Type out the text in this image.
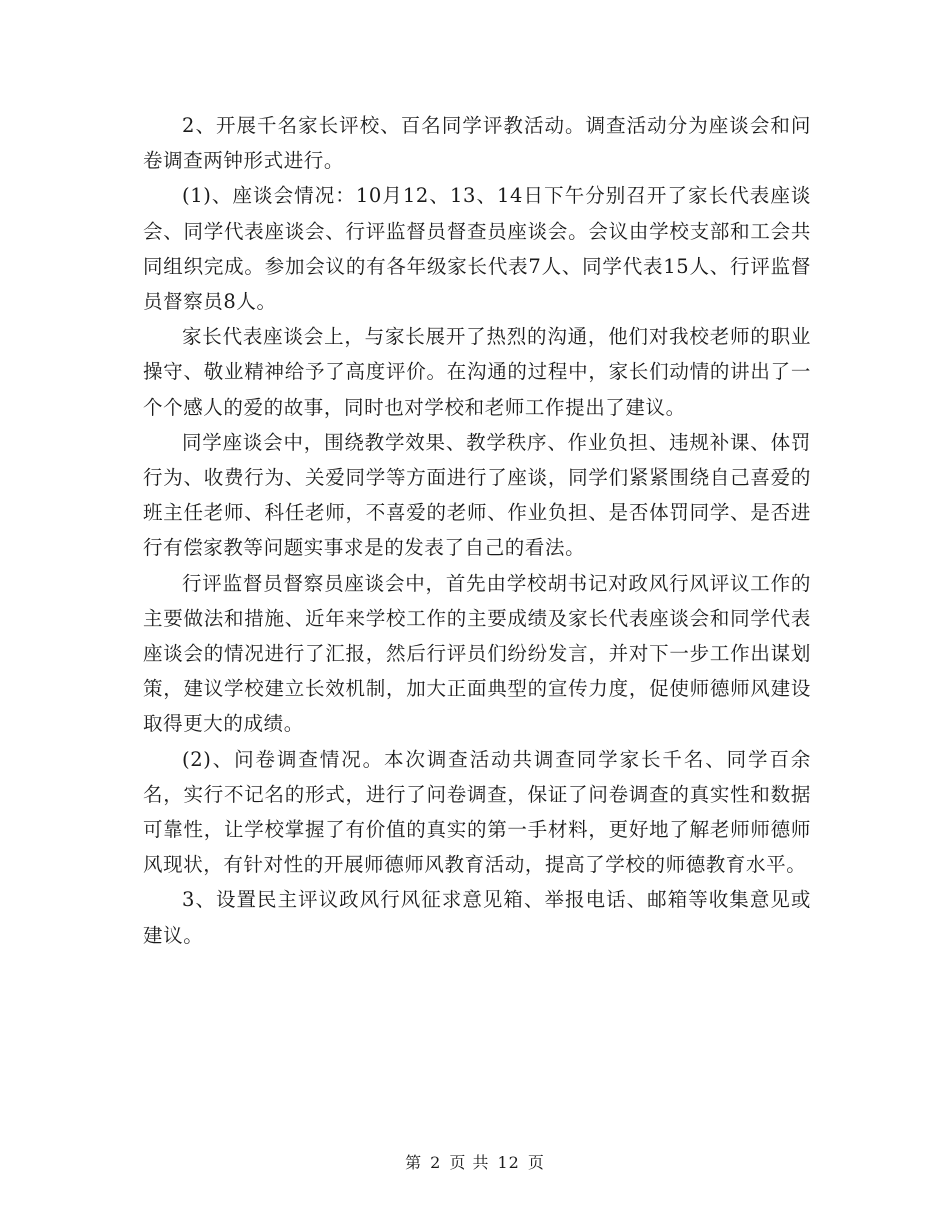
2、开展千名家长评校、百名同学评教活动。调查活动分为座谈会和问卷调查两钟形式进行。

(1)、座谈会情况：10月12、13、14日下午分别召开了家长代表座谈会、同学代表座谈会、行评监督员督查员座谈会。会议由学校支部和工会共同组织完成。参加会议的有各年级家长代表7人、同学代表15人、行评监督员督察员8人。

家长代表座谈会上，与家长展开了热烈的沟通，他们对我校老师的职业操守、敬业精神给予了高度评价。在沟通的过程中，家长们动情的讲出了一个个感人的爱的故事，同时也对学校和老师工作提出了建议。

同学座谈会中，围绕教学效果、教学秩序、作业负担、违规补课、体罚行为、收费行为、关爱同学等方面进行了座谈，同学们紧紧围绕自己喜爱的班主任老师、科任老师，不喜爱的老师、作业负担、是否体罚同学、是否进行有偿家教等问题实事求是的发表了自己的看法。

行评监督员督察员座谈会中，首先由学校胡书记对政风行风评议工作的主要做法和措施、近年来学校工作的主要成绩及家长代表座谈会和同学代表座谈会的情况进行了汇报，然后行评员们纷纷发言，并对下一步工作出谋划策，建议学校建立长效机制，加大正面典型的宣传力度，促使师德师风建设取得更大的成绩。

(2)、问卷调查情况。本次调查活动共调查同学家长千名、同学百余名，实行不记名的形式，进行了问卷调查，保证了问卷调查的真实性和数据可靠性，让学校掌握了有价值的真实的第一手材料，更好地了解老师师德师风现状，有针对性的开展师德师风教育活动，提高了学校的师德教育水平。

3、设置民主评议政风行风征求意见箱、举报电话、邮箱等收集意见或建议。

第 2 页 共 12 页
